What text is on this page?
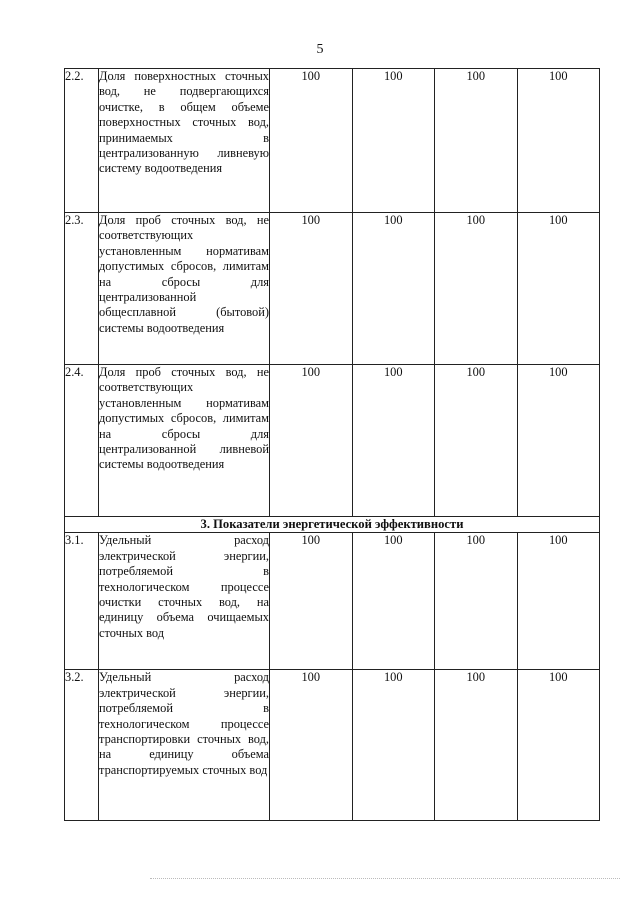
5
2.2.	Доля поверхностных сточных вод, не подвергающихся очистке, в общем объеме поверхностных сточных вод, принимаемых в централизованную ливневую систему водоотведения	100	100	100	100
2.3.	Доля проб сточных вод, не соответствующих установленным нормативам допустимых сбросов, лимитам на сбросы для централизованной общесплавной (бытовой) системы водоотведения	100	100	100	100
2.4.	Доля проб сточных вод, не соответствующих установленным нормативам допустимых сбросов, лимитам на сбросы для централизованной ливневой системы водоотведения	100	100	100	100
3. Показатели энергетической эффективности					
3.1.	Удельный расход электрической энергии, потребляемой в технологическом процессе очистки сточных вод, на единицу объема очищаемых сточных вод	100	100	100	100
3.2.	Удельный расход электрической энергии, потребляемой в технологическом процессе транспортировки сточных вод, на единицу объема транспортируемых сточных вод	100	100	100	100
